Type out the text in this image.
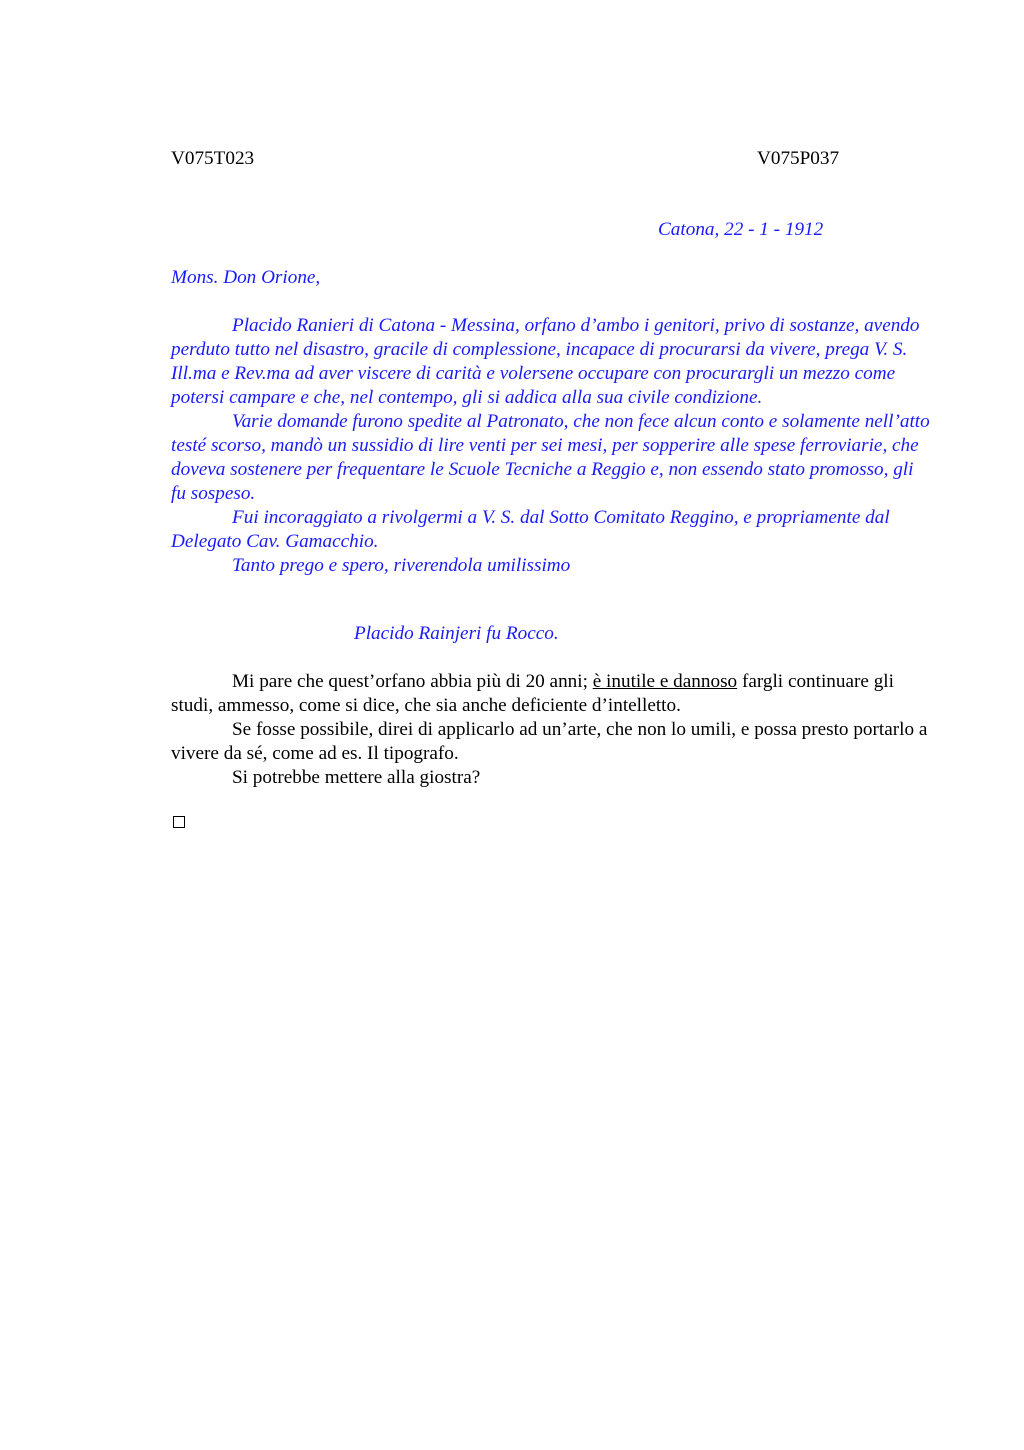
V075T023	V075P037
Catona, 22 - 1 - 1912
Mons. Don Orione,

Placido Ranieri di Catona - Messina, orfano d’ambo i genitori, privo di sostanze, avendo perduto tutto nel disastro, gracile di complessione, incapace di procurarsi da vivere, prega V. S. Ill.ma e Rev.ma ad aver viscere di carità e volersene occupare con procurargli un mezzo come potersi campare e che, nel contempo, gli si addica alla sua civile condizione.

Varie domande furono spedite al Patronato, che non fece alcun conto e solamente nell’atto testé scorso, mandò un sussidio di lire venti per sei mesi, per sopperire alle spese ferroviarie, che doveva sostenere per frequentare le Scuole Tecniche a Reggio e, non essendo stato promosso, gli fu sospeso.

Fui incoraggiato a rivolgermi a V. S. dal Sotto Comitato Reggino, e propriamente dal Delegato Cav. Gamacchio.

Tanto prego e spero, riverendola umilissimo

Placido Rainjeri fu Rocco.

Mi pare che quest’orfano abbia più di 20 anni; è inutile e dannoso fargli continuare gli studi, ammesso, come si dice, che sia anche deficiente d’intelletto.

Se fosse possibile, direi di applicarlo ad un’arte, che non lo umili, e possa presto portarlo a vivere da sé, come ad es. Il tipografo.

Si potrebbe mettere alla giostra?
